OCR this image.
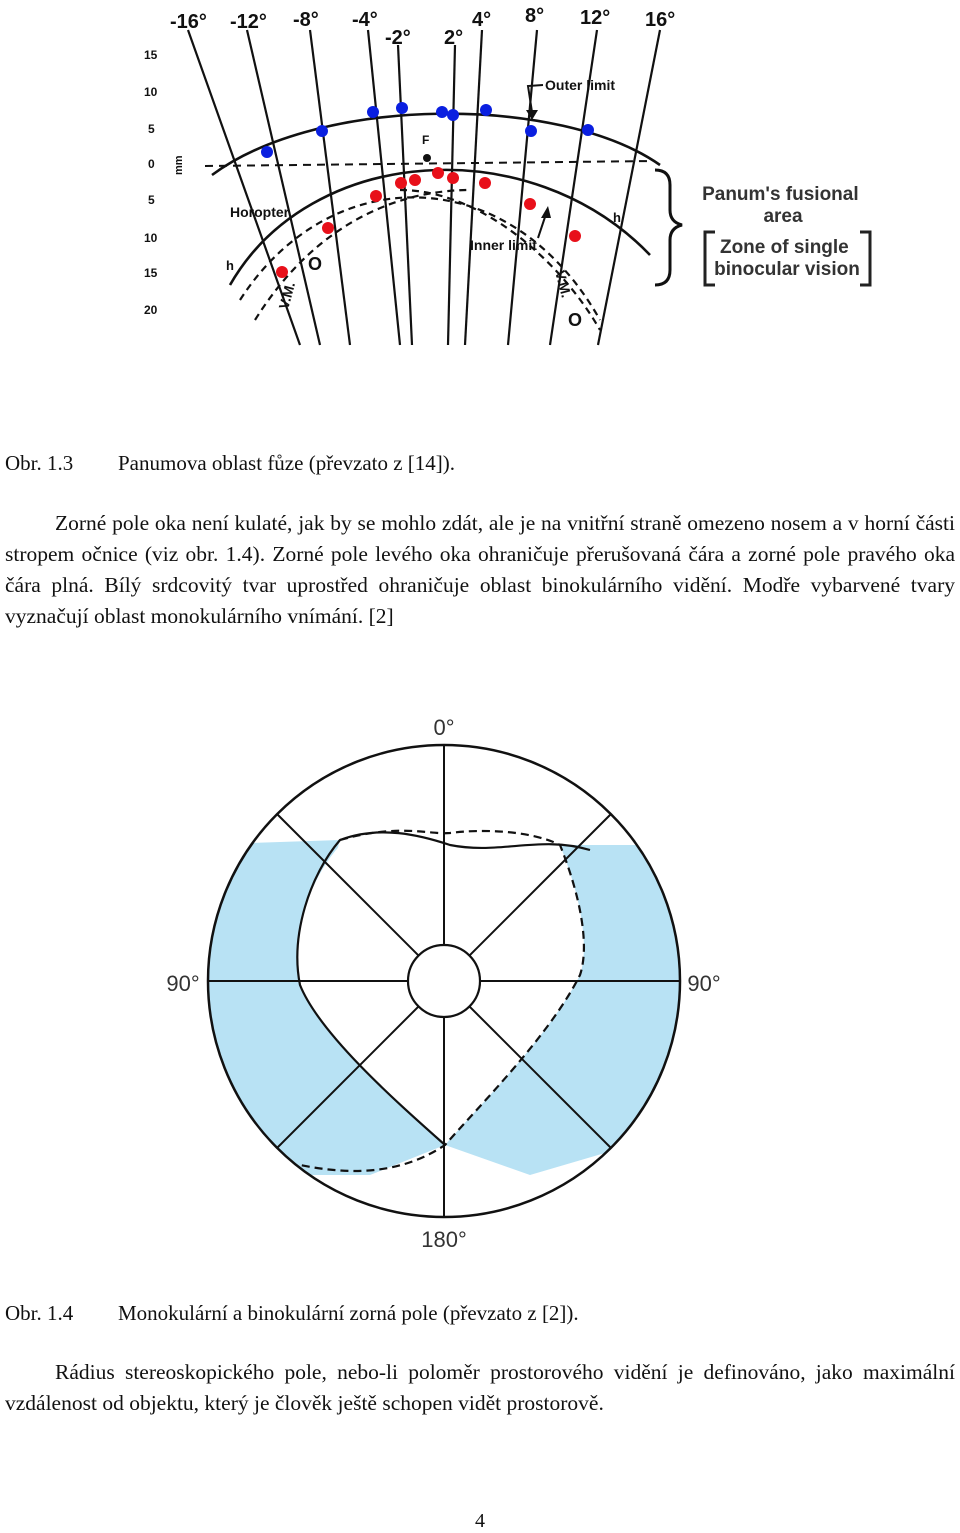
-16° -12° -8° -4°
-2° 2°
4° 8° 12° 16°
15
10
5
0
5
10
15
20
mm
F
Outer limit
Inner limit
Horopter
h
h
V.M.	V.M.
O
O
Panum's fusional area
Zone of single binocular vision
Obr. 1.3 Panumova oblast fůze (převzato z [14]).

Zorné pole oka není kulaté, jak by se mohlo zdát, ale je na vnitřní straně omezeno nosem a v horní části stropem očnice (viz obr. 1.4). Zorné pole levého oka ohraničuje přerušovaná čára a zorné pole pravého oka čára plná. Bílý srdcovitý tvar uprostřed ohraničuje oblast binokulárního vidění. Modře vybarvené tvary vyznačují oblast monokulárního vnímání. [2]

0°
90°	90°
180°
Obr. 1.4 Monokulární a binokulární zorná pole (převzato z [2]).

Rádius stereoskopického pole, nebo-li poloměr prostorového vidění je definováno, jako maximální vzdálenost od objektu, který je člověk ještě schopen vidět prostorově.

4
